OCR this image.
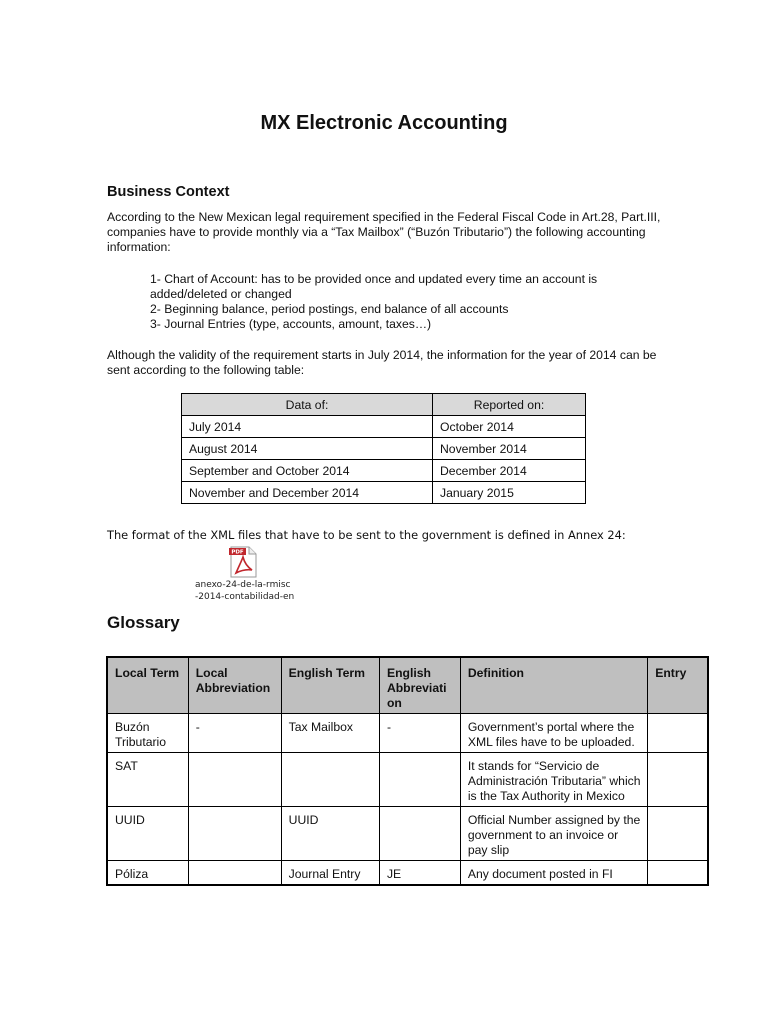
MX Electronic Accounting
Business Context
According to the New Mexican legal requirement specified in the Federal Fiscal Code in Art.28, Part.III, companies have to provide monthly via a “Tax Mailbox” (“Buzón Tributario”) the following accounting information:
1- Chart of Account: has to be provided once and updated every time an account is added/deleted or changed
2- Beginning balance, period postings, end balance of all accounts
3- Journal Entries (type, accounts, amount, taxes…)
Although the validity of the requirement starts in July 2014, the information for the year of 2014 can be sent according to the following table:
Data of:	Reported on:
July 2014	October 2014
August 2014	November 2014
September and October 2014	December 2014
November and December 2014	January 2015
The format of the XML files that have to be sent to the government is defined in Annex 24:
PDF
anexo-24-de-la-rmisc
-2014-contabilidad-en
Glossary
Local Term	Local Abbreviation	English Term	English Abbreviati on	Definition	Entry
Buzón Tributario	-	Tax Mailbox	-	Government’s portal where the XML files have to be uploaded.	
SAT				It stands for “Servicio de Administración Tributaria” which is the Tax Authority in Mexico	
UUID		UUID		Official Number assigned by the government to an invoice or pay slip	
Póliza		Journal Entry	JE	Any document posted in FI	
